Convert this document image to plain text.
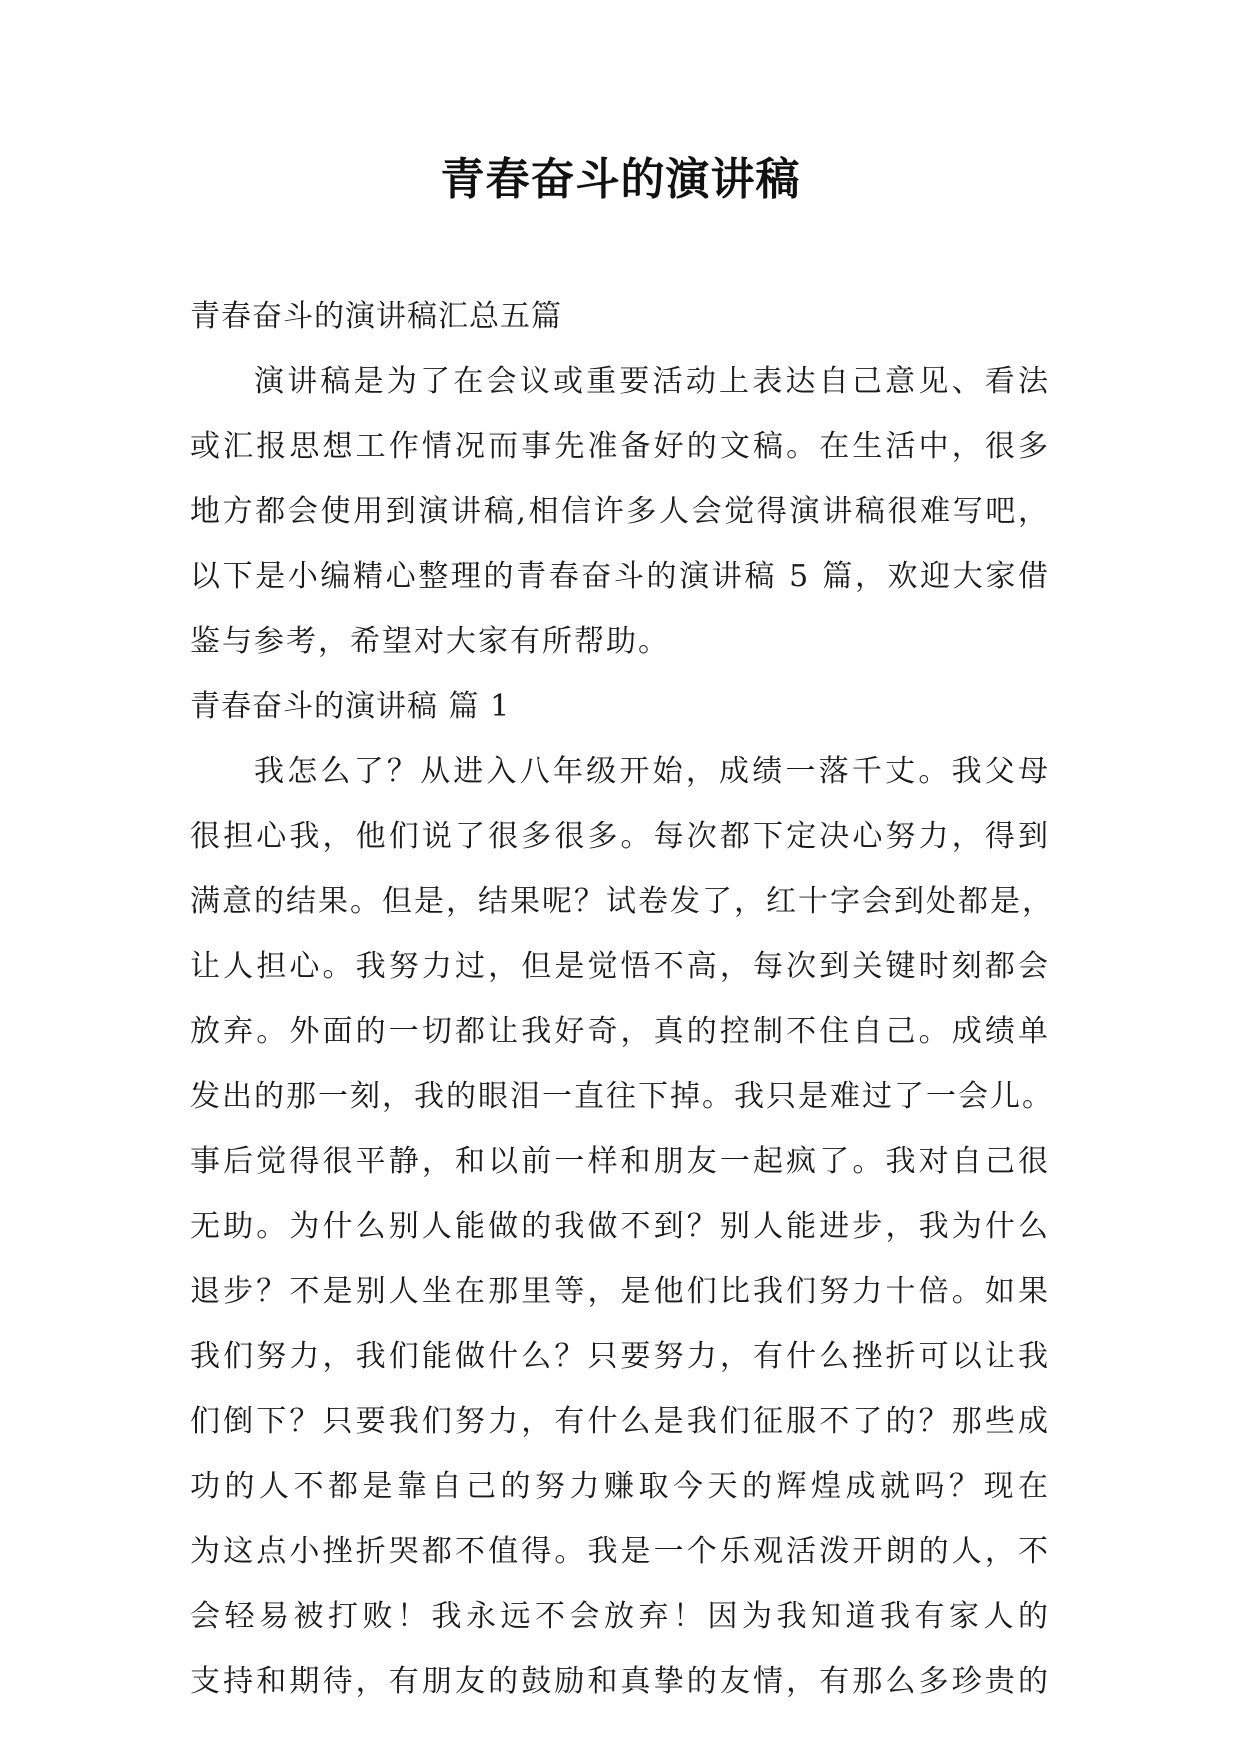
青春奋斗的演讲稿

青春奋斗的演讲稿汇总五篇

演讲稿是为了在会议或重要活动上表达自己意见、看法

或汇报思想工作情况而事先准备好的文稿。在生活中，很多

地方都会使用到演讲稿,相信许多人会觉得演讲稿很难写吧，

以下是小编精心整理的青春奋斗的演讲稿 5 篇，欢迎大家借

鉴与参考，希望对大家有所帮助。

青春奋斗的演讲稿 篇 1

我怎么了？从进入八年级开始，成绩一落千丈。我父母

很担心我，他们说了很多很多。每次都下定决心努力，得到

满意的结果。但是，结果呢？试卷发了，红十字会到处都是，

让人担心。我努力过，但是觉悟不高，每次到关键时刻都会

放弃。外面的一切都让我好奇，真的控制不住自己。成绩单

发出的那一刻，我的眼泪一直往下掉。我只是难过了一会儿。

事后觉得很平静，和以前一样和朋友一起疯了。我对自己很

无助。为什么别人能做的我做不到？别人能进步，我为什么

退步？不是别人坐在那里等，是他们比我们努力十倍。如果

我们努力，我们能做什么？只要努力，有什么挫折可以让我

们倒下？只要我们努力，有什么是我们征服不了的？那些成

功的人不都是靠自己的努力赚取今天的辉煌成就吗？现在

为这点小挫折哭都不值得。我是一个乐观活泼开朗的人，不

会轻易被打败！我永远不会放弃！因为我知道我有家人的

支持和期待，有朋友的鼓励和真挚的友情，有那么多珍贵的
